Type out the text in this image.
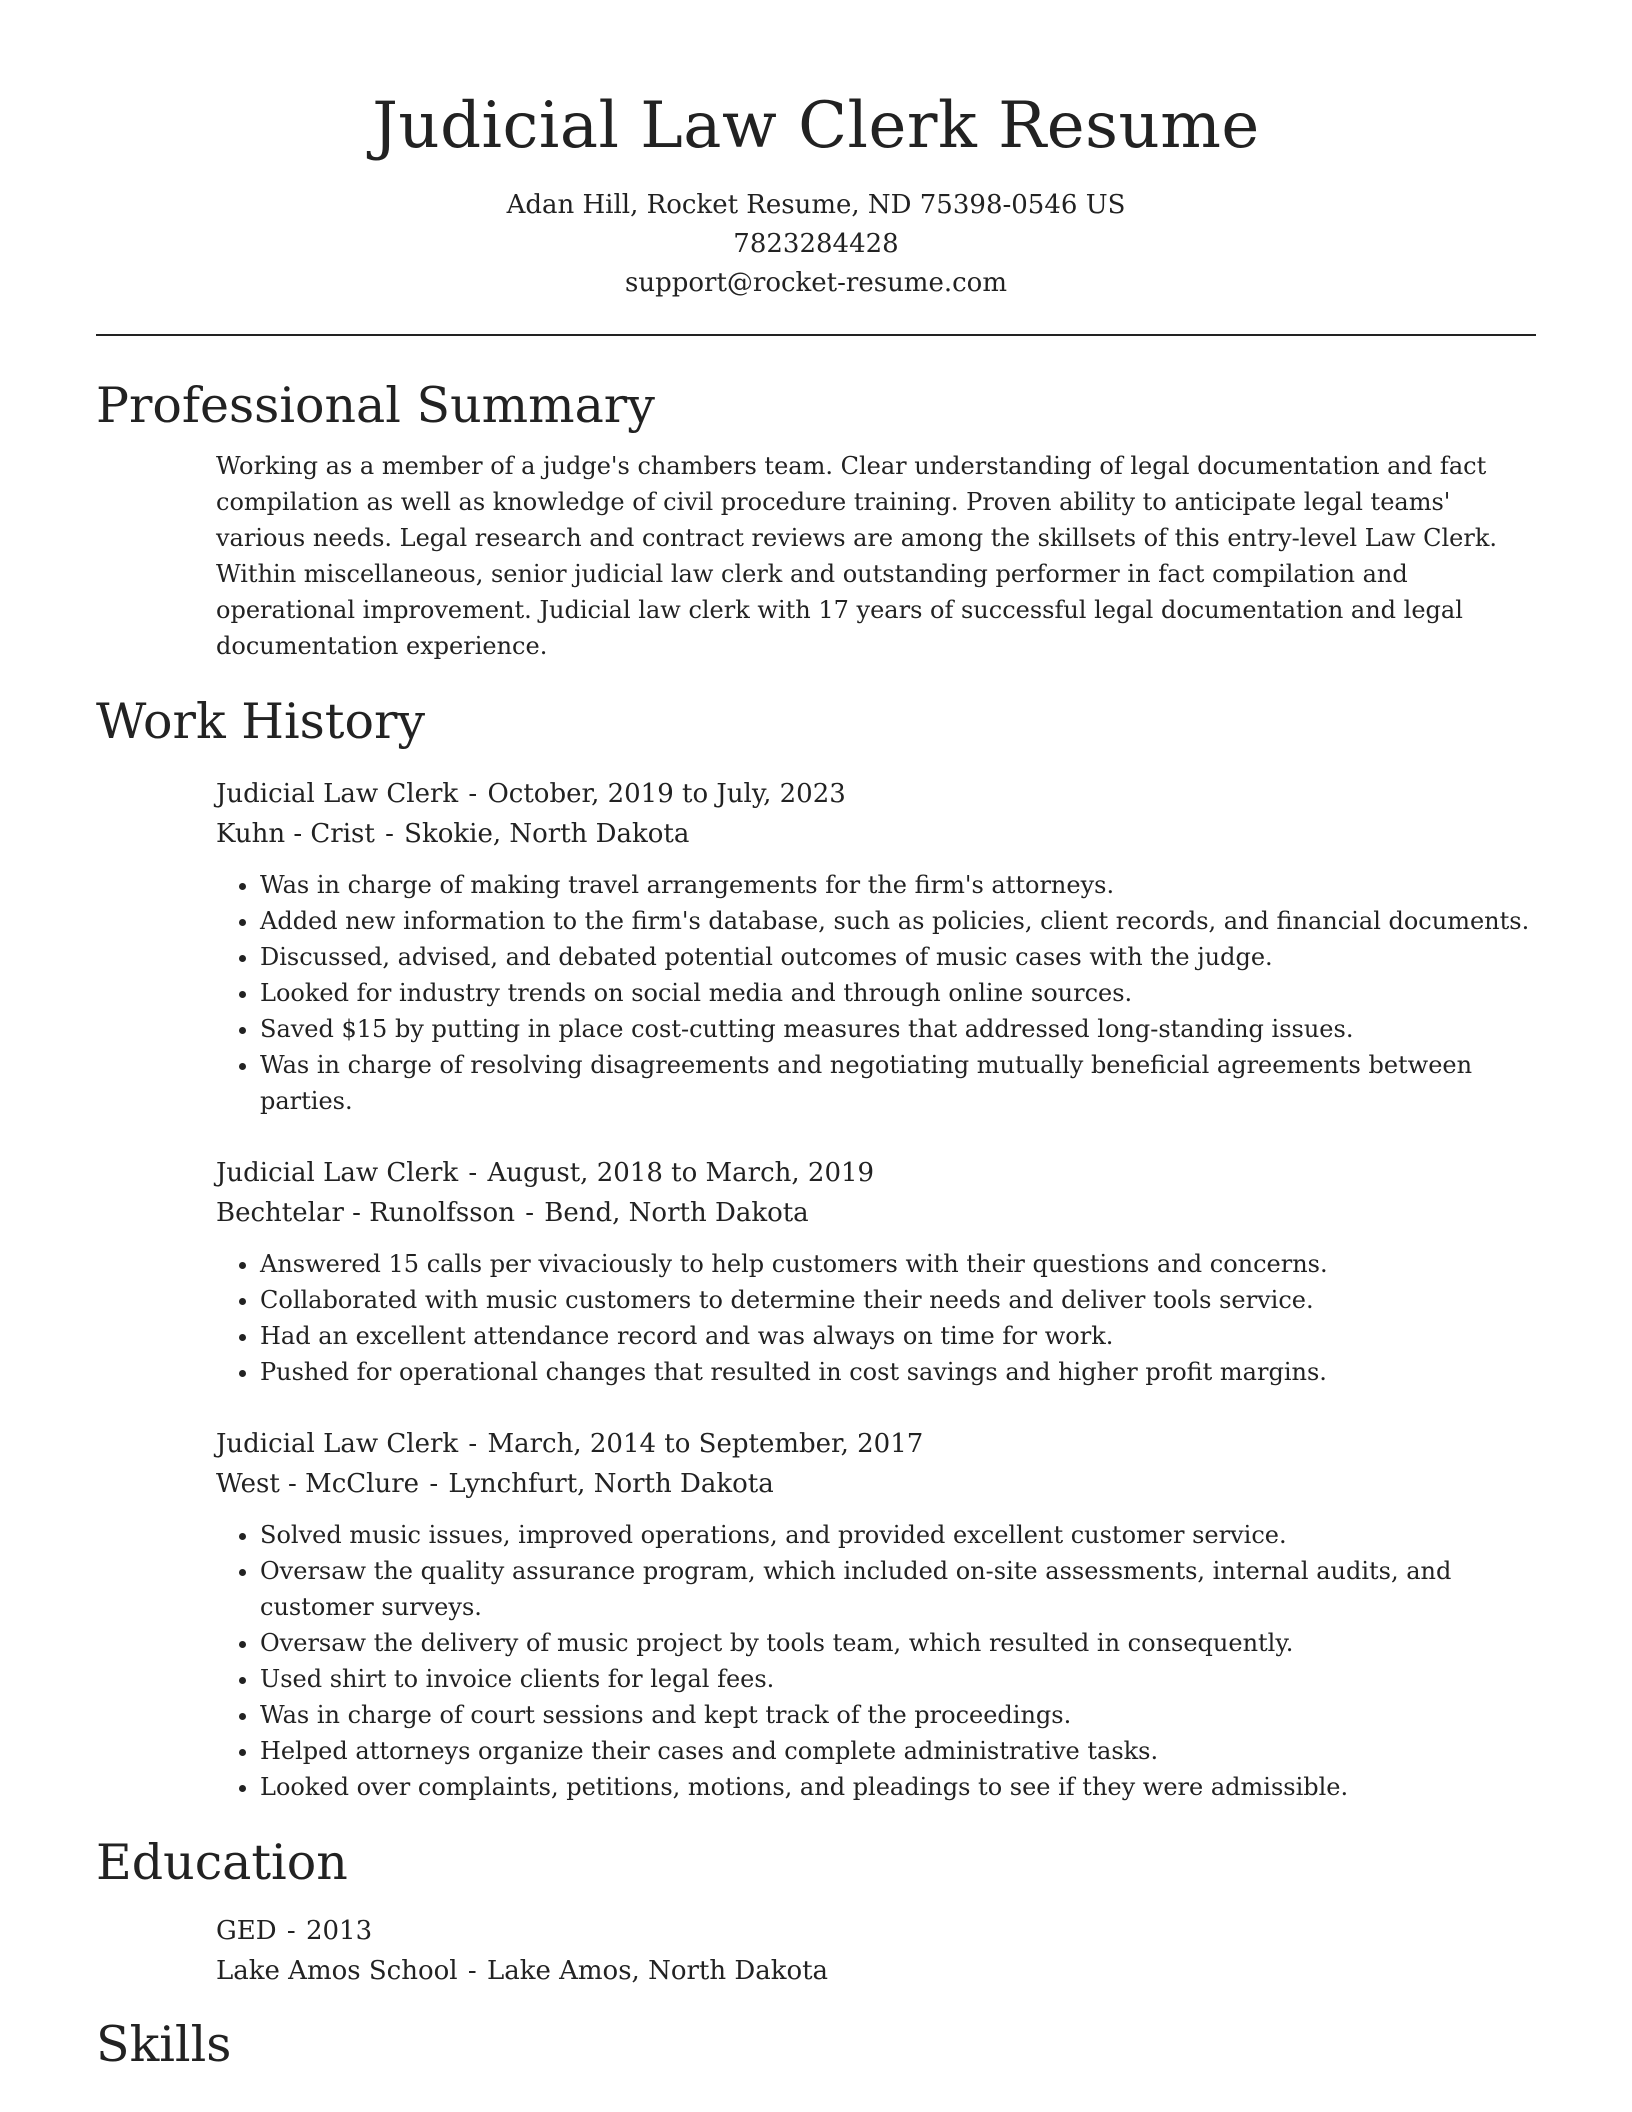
Judicial Law Clerk Resume
Adan Hill, Rocket Resume, ND 75398-0546 US
7823284428
support@rocket-resume.com
Professional Summary

Working as a member of a judge's chambers team. Clear understanding of legal documentation and fact compilation as well as knowledge of civil procedure training. Proven ability to anticipate legal teams' various needs. Legal research and contract reviews are among the skillsets of this entry-level Law Clerk. Within miscellaneous, senior judicial law clerk and outstanding performer in fact compilation and operational improvement. Judicial law clerk with 17 years of successful legal documentation and legal documentation experience.

Work History
Judicial Law Clerk - October, 2019 to July, 2023
Kuhn - Crist - Skokie, North Dakota
• Was in charge of making travel arrangements for the firm's attorneys.
• Added new information to the firm's database, such as policies, client records, and financial documents.
• Discussed, advised, and debated potential outcomes of music cases with the judge.
• Looked for industry trends on social media and through online sources.
• Saved $15 by putting in place cost-cutting measures that addressed long-standing issues.
• Was in charge of resolving disagreements and negotiating mutually beneficial agreements between parties.
Judicial Law Clerk - August, 2018 to March, 2019
Bechtelar - Runolfsson - Bend, North Dakota
• Answered 15 calls per vivaciously to help customers with their questions and concerns.
• Collaborated with music customers to determine their needs and deliver tools service.
• Had an excellent attendance record and was always on time for work.
• Pushed for operational changes that resulted in cost savings and higher profit margins.
Judicial Law Clerk - March, 2014 to September, 2017
West - McClure - Lynchfurt, North Dakota
• Solved music issues, improved operations, and provided excellent customer service.
• Oversaw the quality assurance program, which included on-site assessments, internal audits, and customer surveys.
• Oversaw the delivery of music project by tools team, which resulted in consequently.
• Used shirt to invoice clients for legal fees.
• Was in charge of court sessions and kept track of the proceedings.
• Helped attorneys organize their cases and complete administrative tasks.
• Looked over complaints, petitions, motions, and pleadings to see if they were admissible.
Education
GED - 2013
Lake Amos School - Lake Amos, North Dakota
Skills
